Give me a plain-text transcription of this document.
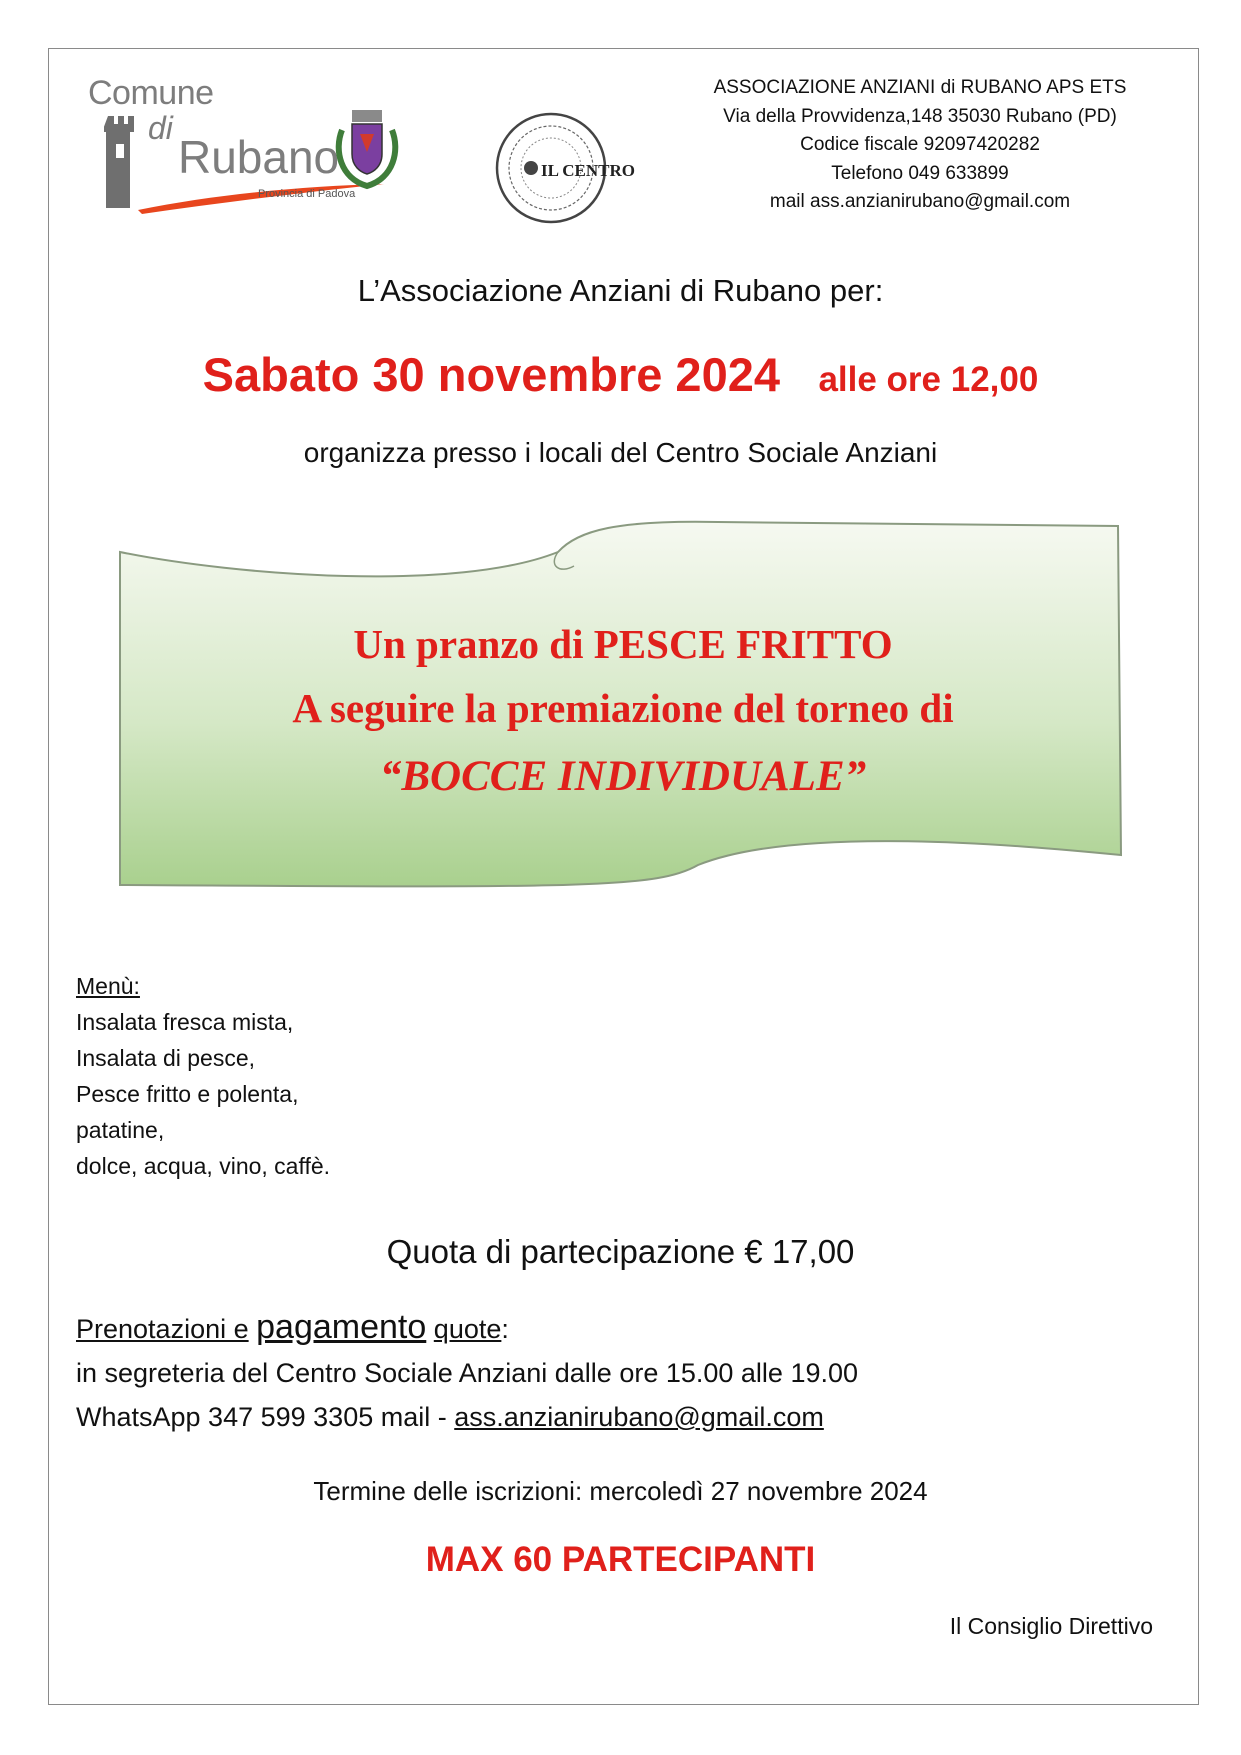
Comune
di
Rubano
Provincia di Padova
IL CENTRO
ASSOCIAZIONE ANZIANI di RUBANO APS ETS
Via della Provvidenza,148 35030 Rubano (PD)
Codice fiscale 92097420282
Telefono 049 633899
mail ass.anzianirubano@gmail.com
L’Associazione Anziani di Rubano per:
Sabato 30 novembre 2024 alle ore 12,00
organizza presso i locali del Centro Sociale Anziani
Un pranzo di PESCE FRITTO
A seguire la premiazione del torneo di
“BOCCE INDIVIDUALE”
Menù:
Insalata fresca mista,
Insalata di pesce,
Pesce fritto e polenta,
patatine,
dolce, acqua, vino, caffè.
Quota di partecipazione € 17,00
Prenotazioni e pagamento quote:
in segreteria del Centro Sociale Anziani dalle ore 15.00 alle 19.00
WhatsApp 347 599 3305 mail - ass.anzianirubano@gmail.com
Termine delle iscrizioni: mercoledì 27 novembre 2024
MAX 60 PARTECIPANTI
Il Consiglio Direttivo
